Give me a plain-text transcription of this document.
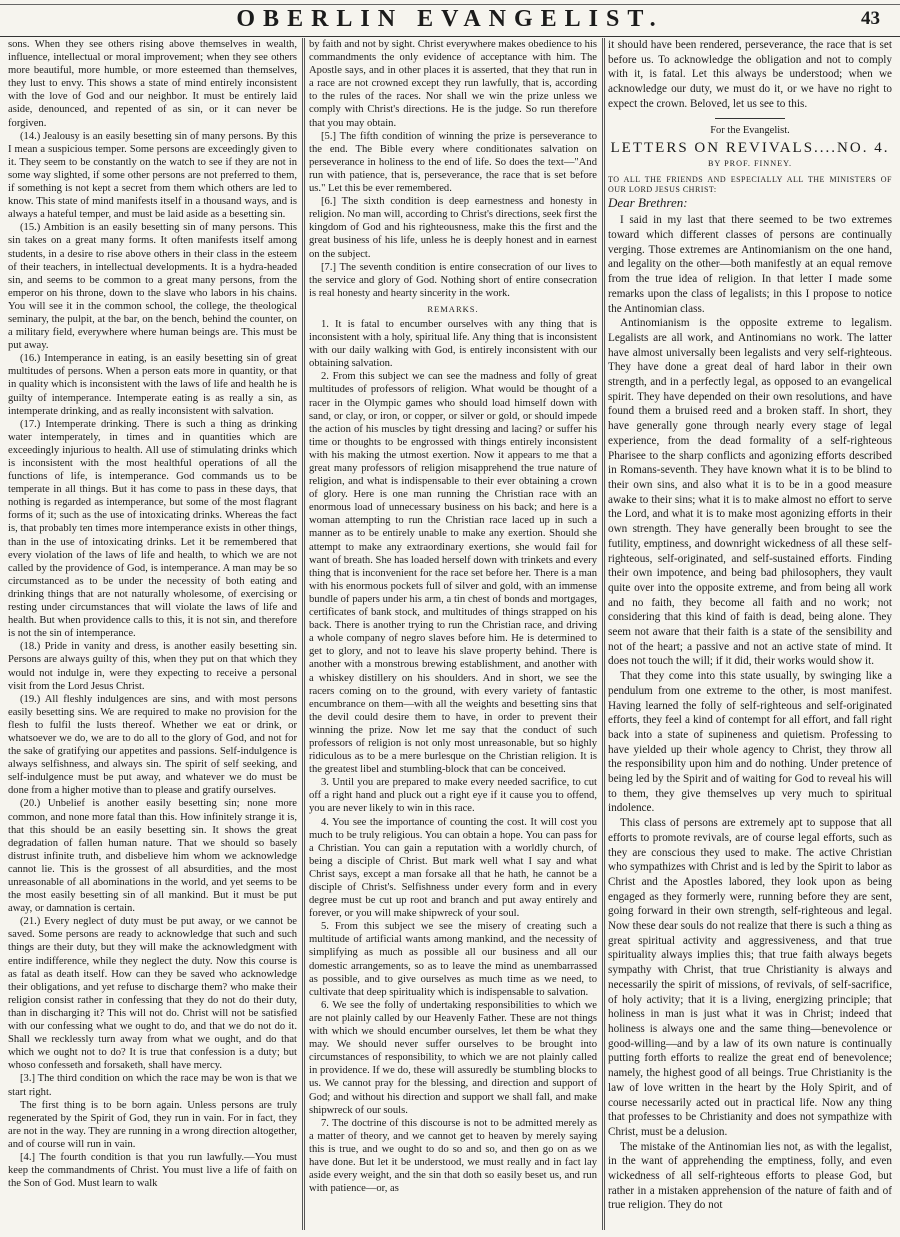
OBERLIN EVANGELIST.	43

sons. When they see others rising above themselves in wealth, influence, intellectual or moral improvement; when they see others more beautiful, more humble, or more esteemed than themselves, they lust to envy. This shows a state of mind entirely inconsistent with the love of God and our neighbor. It must be entirely laid aside, denounced, and repented of as sin, or it can never be forgiven.

(14.) Jealousy is an easily besetting sin of many persons. By this I mean a suspicious temper. Some persons are exceedingly given to it. They seem to be constantly on the watch to see if they are not in some way slighted, if some other persons are not preferred to them, if something is not kept a secret from them which others are led to know. This state of mind manifests itself in a thousand ways, and is always a hateful temper, and must be laid aside as a besetting sin.

(15.) Ambition is an easily besetting sin of many persons. This sin takes on a great many forms. It often manifests itself among students, in a desire to rise above others in their class in the esteem of their teachers, in intellectual developments. It is a hydra-headed sin, and seems to be common to a great many persons, from the emperor on his throne, down to the slave who labors in his chains. You will see it in the common school, the college, the theological seminary, the pulpit, at the bar, on the bench, behind the counter, on a military field, everywhere where human beings are. This must be put away.

(16.) Intemperance in eating, is an easily besetting sin of great multitudes of persons. When a person eats more in quantity, or that in quality which is inconsistent with the laws of life and health he is guilty of intemperance. Intemperate eating is as really a sin, as intemperate drinking, and as really inconsistent with salvation.

(17.) Intemperate drinking. There is such a thing as drinking water intemperately, in times and in quantities which are exceedingly injurious to health. All use of stimulating drinks which is inconsistent with the most healthful operations of all the functions of life, is intemperance. God commands us to be temperate in all things. But it has come to pass in these days, that nothing is regarded as intemperance, but some of the most flagrant forms of it; such as the use of intoxicating drinks. Whereas the fact is, that probably ten times more intemperance exists in other things, than in the use of intoxicating drinks. Let it be remembered that every violation of the laws of life and health, to which we are not called by the providence of God, is intemperance. A man may be so circumstanced as to be under the necessity of both eating and drinking things that are not naturally wholesome, of exercising or resting under circumstances that will violate the laws of life and health. But when providence calls to this, it is not sin, and therefore is not the sin of intemperance.

(18.) Pride in vanity and dress, is another easily besetting sin. Persons are always guilty of this, when they put on that which they would not indulge in, were they expecting to receive a personal visit from the Lord Jesus Christ.

(19.) All fleshly indulgences are sins, and with most persons easily besetting sins. We are required to make no provision for the flesh to fulfil the lusts thereof. Whether we eat or drink, or whatsoever we do, we are to do all to the glory of God, and not for the sake of gratifying our appetites and passions. Self-indulgence is always selfishness, and always sin. The spirit of self seeking, and self-indulgence must be put away, and whatever we do must be done from a higher motive than to please and gratify ourselves.

(20.) Unbelief is another easily besetting sin; none more common, and none more fatal than this. How infinitely strange it is, that this should be an easily besetting sin. It shows the great degradation of fallen human nature. That we should so basely distrust infinite truth, and disbelieve him whom we acknowledge cannot lie. This is the grossest of all absurdities, and the most unreasonable of all abominations in the world, and yet seems to be the most easily besetting sin of all mankind. But it must be put away, or damnation is certain.

(21.) Every neglect of duty must be put away, or we cannot be saved. Some persons are ready to acknowledge that such and such things are their duty, but they will make the acknowledgment with entire indifference, while they neglect the duty. Now this course is as fatal as death itself. How can they be saved who acknowledge their obligations, and yet refuse to discharge them? who make their religion consist rather in confessing that they do not do their duty, than in discharging it? This will not do. Christ will not be satisfied with our confessing what we ought to do, and that we do not do it. Shall we recklessly turn away from what we ought, and do that which we ought not to do? It is true that confession is a duty; but whoso confesseth and forsaketh, shall have mercy.

[3.] The third condition on which the race may be won is that we start right.

The first thing is to be born again. Unless persons are truly regenerated by the Spirit of God, they run in vain. For in fact, they are not in the way. They are running in a wrong direction altogether, and of course will run in vain.

[4.] The fourth condition is that you run lawfully.—You must keep the commandments of Christ. You must live a life of faith on the Son of God. Must learn to walk

by faith and not by sight. Christ everywhere makes obedience to his commandments the only evidence of acceptance with him. The Apostle says, and in other places it is asserted, that they that run in a race are not crowned except they run lawfully, that is, according to the rules of the races. Nor shall we win the prize unless we comply with Christ's directions. He is the judge. So run therefore that you may obtain.

[5.] The fifth condition of winning the prize is perseverance to the end. The Bible every where conditionates salvation on perseverance in holiness to the end of life. So does the text—"And run with patience, that is, perseverance, the race that is set before us." Let this be ever remembered.

[6.] The sixth condition is deep earnestness and honesty in religion. No man will, according to Christ's directions, seek first the kingdom of God and his righteousness, make this the first and the great business of his life, unless he is deeply honest and in earnest on the subject.

[7.] The seventh condition is entire consecration of our lives to the service and glory of God. Nothing short of entire consecration is real honesty and hearty sincerity in the work.

REMARKS.

1. It is fatal to encumber ourselves with any thing that is inconsistent with a holy, spiritual life. Any thing that is inconsistent with our daily walking with God, is entirely inconsistent with our obtaining salvation.

2. From this subject we can see the madness and folly of great multitudes of professors of religion. What would be thought of a racer in the Olympic games who should load himself down with sand, or clay, or iron, or copper, or silver or gold, or should impede the action of his muscles by tight dressing and lacing? or suffer his time or thoughts to be engrossed with things entirely inconsistent with his making the utmost exertion. Now it appears to me that a great many professors of religion misapprehend the true nature of religion, and what is indispensable to their ever obtaining a crown of glory. Here is one man running the Christian race with an enormous load of unnecessary business on his back; and here is a woman attempting to run the Christian race laced up in such a manner as to be entirely unable to make any exertion. Should she attempt to make any extraordinary exertions, she would fail for want of breath. She has loaded herself down with trinkets and every thing that is inconvenient for the race set before her. There is a man with his enormous pockets full of silver and gold, with an immense bundle of papers under his arm, a tin chest of bonds and mortgages, certificates of bank stock, and multitudes of things strapped on his back. There is another trying to run the Christian race, and driving a whole company of negro slaves before him. He is determined to get to glory, and not to leave his slave property behind. There is another with a monstrous brewing establishment, and another with a whiskey distillery on his shoulders. And in short, we see the racers coming on to the ground, with every variety of fantastic encumbrance on them—with all the weights and besetting sins that the devil could desire them to have, in order to prevent their winning the prize. Now let me say that the conduct of such professors of religion is not only most unreasonable, but so highly ridiculous as to be a mere burlesque on the Christian religion. It is the greatest libel and stumbling-block that can be conceived.

3. Until you are prepared to make every needed sacrifice, to cut off a right hand and pluck out a right eye if it cause you to offend, you are never likely to win in this race.

4. You see the importance of counting the cost. It will cost you much to be truly religious. You can obtain a hope. You can pass for a Christian. You can gain a reputation with a worldly church, of being a disciple of Christ. But mark well what I say and what Christ says, except a man forsake all that he hath, he cannot be a disciple of Christ's. Selfishness under every form and in every degree must be cut up root and branch and put away entirely and forever, or you will make shipwreck of your soul.

5. From this subject we see the misery of creating such a multitude of artificial wants among mankind, and the necessity of simplifying as much as possible all our business and all our domestic arrangements, so as to leave the mind as unembarrassed as possible, and to give ourselves as much time as we need, to cultivate that deep spirituality which is indispensable to salvation.

6. We see the folly of undertaking responsibilities to which we are not plainly called by our Heavenly Father. These are not things with which we should encumber ourselves, let them be what they may. We should never suffer ourselves to be brought into circumstances of responsibility, to which we are not plainly called in providence. If we do, these will assuredly be stumbling blocks to us. We cannot pray for the blessing, and direction and support of God; and without his direction and support we shall fall, and make shipwreck of our souls.

7. The doctrine of this discourse is not to be admitted merely as a matter of theory, and we cannot get to heaven by merely saying this is true, and we ought to do so and so, and then go on as we have done. But let it be understood, we must really and in fact lay aside every weight, and the sin that doth so easily beset us, and run with patience—or, as

it should have been rendered, perseverance, the race that is set before us. To acknowledge the obligation and not to comply with it, is fatal. Let this always be understood; when we acknowledge our duty, we must do it, or we have no right to expect the crown. Beloved, let us see to this.

For the Evangelist.
LETTERS ON REVIVALS....NO. 4.
BY PROF. FINNEY.

TO ALL THE FRIENDS AND ESPECIALLY ALL THE MINISTERS OF OUR LORD JESUS CHRIST:

Dear Brethren:

I said in my last that there seemed to be two extremes toward which different classes of persons are continually verging. Those extremes are Antinomianism on the one hand, and legality on the other—both manifestly at an equal remove from the true idea of religion. In that letter I made some remarks upon the class of legalists; in this I propose to notice the Antinomian class.

Antinomianism is the opposite extreme to legalism. Legalists are all work, and Antinomians no work. The latter have almost universally been legalists and very self-righteous. They have done a great deal of hard labor in their own strength, and in a perfectly legal, as opposed to an evangelical spirit. They have depended on their own resolutions, and have found them a bruised reed and a broken staff. In short, they have generally gone through nearly every stage of legal experience, from the dead formality of a self-righteous Pharisee to the sharp conflicts and agonizing efforts described in Romans-seventh. They have known what it is to be blind to their own sins, and also what it is to be in a good measure awake to their sins; what it is to make almost no effort to serve the Lord, and what it is to make most agonizing efforts in their own strength. They have generally been brought to see the futility, emptiness, and downright wickedness of all these self-righteous, self-originated, and self-sustained efforts. Finding their own impotence, and being bad philosophers, they vault quite over into the opposite extreme, and from being all work and no faith, they become all faith and no work; not considering that this kind of faith is dead, being alone. They seem not aware that their faith is a state of the sensibility and not of the heart; a passive and not an active state of mind. It does not touch the will; if it did, their works would show it.

That they come into this state usually, by swinging like a pendulum from one extreme to the other, is most manifest. Having learned the folly of self-righteous and self-originated efforts, they feel a kind of contempt for all effort, and fall right back into a state of supineness and quietism. Professing to have yielded up their whole agency to Christ, they throw all the responsibility upon him and do nothing. Under pretence of being led by the Spirit and of waiting for God to reveal his will to them, they give themselves up very much to spiritual indolence.

This class of persons are extremely apt to suppose that all efforts to promote revivals, are of course legal efforts, such as they are conscious they used to make. The active Christian who sympathizes with Christ and is led by the Spirit to labor as Christ and the Apostles labored, they look upon as being engaged as they formerly were, running before they are sent, going forward in their own strength, self-righteous and legal. Now these dear souls do not realize that there is such a thing as great spiritual activity and aggressiveness, and that true spirituality always implies this; that true faith always begets sympathy with Christ, that true Christianity is always and necessarily the spirit of missions, of revivals, of self-sacrifice, of holy activity; that it is a living, energizing principle; that holiness in man is just what it was in Christ; indeed that holiness is always one and the same thing—benevolence or good-willing—and by a law of its own nature is continually putting forth efforts to realize the great end of benevolence; namely, the highest good of all beings. True Christianity is the law of love written in the heart by the Holy Spirit, and of course necessarily acted out in practical life. Now any thing that professes to be Christianity and does not sympathize with Christ, must be a delusion.

The mistake of the Antinomian lies not, as with the legalist, in the want of apprehending the emptiness, folly, and even wickedness of all self-righteous efforts to please God, but rather in a mistaken apprehension of the nature of faith and of true religion. They do not
